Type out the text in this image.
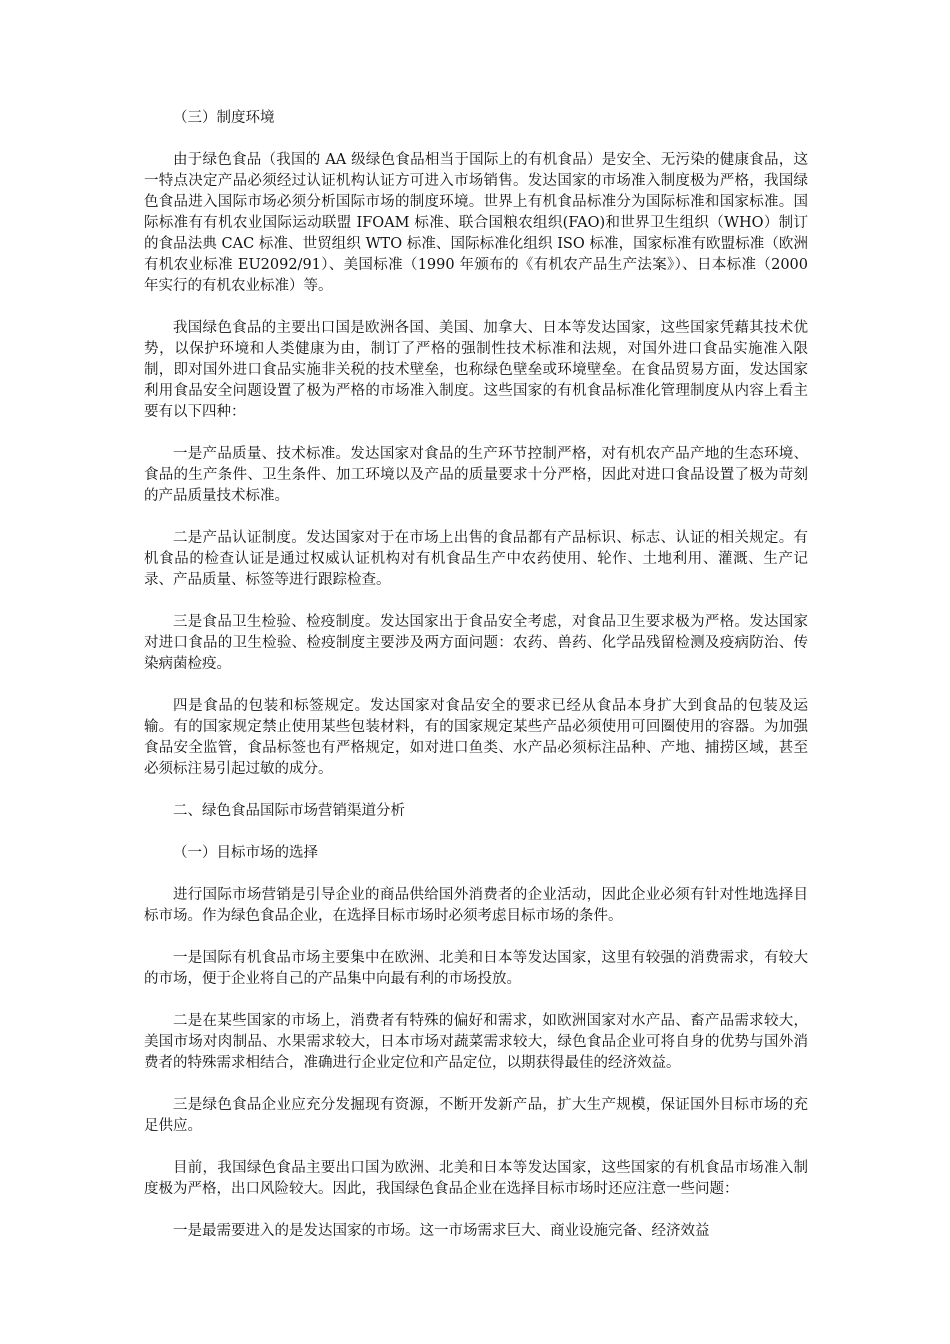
（三）制度环境

由于绿色食品（我国的 AA 级绿色食品相当于国际上的有机食品）是安全、无污染的健康食品，这一特点决定产品必须经过认证机构认证方可进入市场销售。发达国家的市场准入制度极为严格，我国绿色食品进入国际市场必须分析国际市场的制度环境。世界上有机食品标准分为国际标准和国家标准。国际标准有有机农业国际运动联盟 IFOAM 标准、联合国粮农组织(FAO)和世界卫生组织（WHO）制订的食品法典 CAC 标准、世贸组织 WTO 标准、国际标准化组织 ISO 标准，国家标准有欧盟标准（欧洲有机农业标准 EU2092/91）、美国标准（1990 年颁布的《有机农产品生产法案》）、日本标准（2000 年实行的有机农业标准）等。

我国绿色食品的主要出口国是欧洲各国、美国、加拿大、日本等发达国家，这些国家凭藉其技术优势，以保护环境和人类健康为由，制订了严格的强制性技术标准和法规，对国外进口食品实施准入限制，即对国外进口食品实施非关税的技术壁垒，也称绿色壁垒或环境壁垒。在食品贸易方面，发达国家利用食品安全问题设置了极为严格的市场准入制度。这些国家的有机食品标准化管理制度从内容上看主要有以下四种：

一是产品质量、技术标准。发达国家对食品的生产环节控制严格，对有机农产品产地的生态环境、食品的生产条件、卫生条件、加工环境以及产品的质量要求十分严格，因此对进口食品设置了极为苛刻的产品质量技术标准。

二是产品认证制度。发达国家对于在市场上出售的食品都有产品标识、标志、认证的相关规定。有机食品的检查认证是通过权威认证机构对有机食品生产中农药使用、轮作、土地利用、灌溉、生产记录、产品质量、标签等进行跟踪检查。

三是食品卫生检验、检疫制度。发达国家出于食品安全考虑，对食品卫生要求极为严格。发达国家对进口食品的卫生检验、检疫制度主要涉及两方面问题：农药、兽药、化学品残留检测及疫病防治、传染病菌检疫。

四是食品的包装和标签规定。发达国家对食品安全的要求已经从食品本身扩大到食品的包装及运输。有的国家规定禁止使用某些包装材料，有的国家规定某些产品必须使用可回圈使用的容器。为加强食品安全监管，食品标签也有严格规定，如对进口鱼类、水产品必须标注品种、产地、捕捞区域，甚至必须标注易引起过敏的成分。

二、绿色食品国际市场营销渠道分析

（一）目标市场的选择

进行国际市场营销是引导企业的商品供给国外消费者的企业活动，因此企业必须有针对性地选择目标市场。作为绿色食品企业，在选择目标市场时必须考虑目标市场的条件。

一是国际有机食品市场主要集中在欧洲、北美和日本等发达国家，这里有较强的消费需求，有较大的市场，便于企业将自己的产品集中向最有利的市场投放。

二是在某些国家的市场上，消费者有特殊的偏好和需求，如欧洲国家对水产品、畜产品需求较大，美国市场对肉制品、水果需求较大，日本市场对蔬菜需求较大，绿色食品企业可将自身的优势与国外消费者的特殊需求相结合，准确进行企业定位和产品定位，以期获得最佳的经济效益。

三是绿色食品企业应充分发掘现有资源，不断开发新产品，扩大生产规模，保证国外目标市场的充足供应。

目前，我国绿色食品主要出口国为欧洲、北美和日本等发达国家，这些国家的有机食品市场准入制度极为严格，出口风险较大。因此，我国绿色食品企业在选择目标市场时还应注意一些问题：

一是最需要进入的是发达国家的市场。这一市场需求巨大、商业设施完备、经济效益
